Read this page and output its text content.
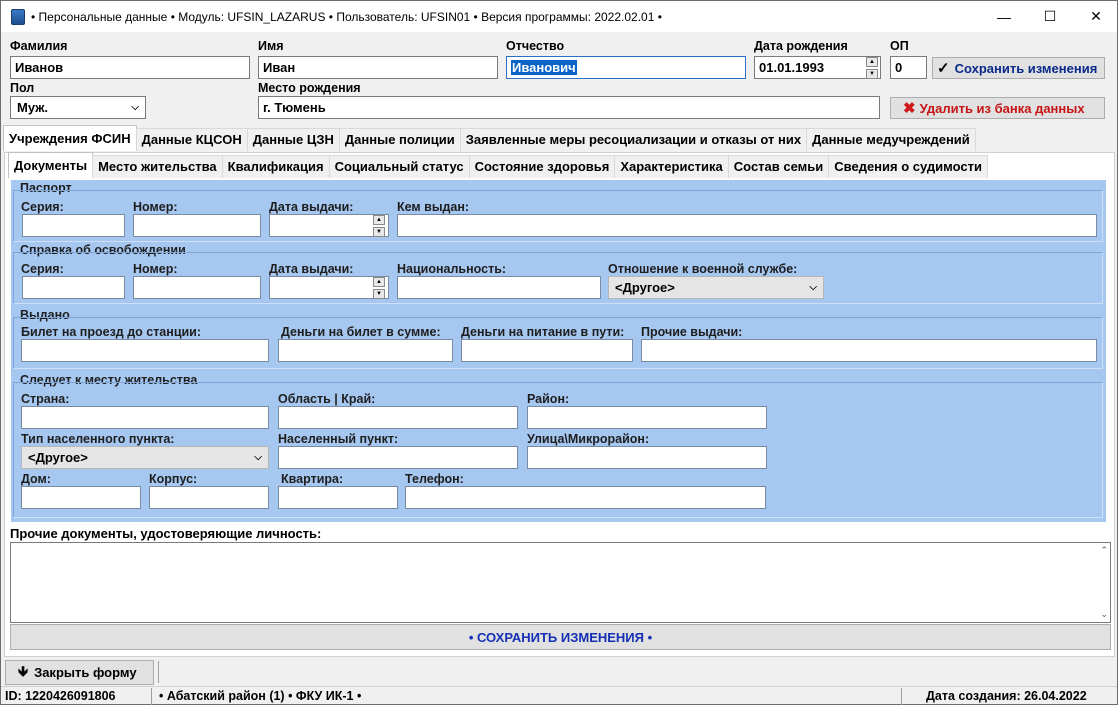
• Персональные данные • Модуль: UFSIN_LAZARUS • Пользователь: UFSIN01 • Версия программы: 2022.02.01 •	—	☐	✕
Фамилия
Иванов
Имя
Иван
Отчество
Иванович
Дата рождения
01.01.1993	▲
▼
ОП
0	✓ Сохранить изменения
Пол
Муж.	⌵
Место рождения
г. Тюмень	✖ Удалить из банка данных
Учреждения ФСИН Данные КЦСОН Данные ЦЗН Данные полиции Заявленные меры ресоциализации и отказы от них Данные медучреждений
Документы Место жительства Квалификация Социальный статус Состояние здоровья Характеристика Состав семьи Сведения о судимости
Паспорт
Серия:	Номер:	Дата выдачи:
▲
▼
Кем выдан:
Справка об освобождении
Серия:	Номер:	Дата выдачи:
▲
▼
Национальность:	Отношение к военной службе:
<Другое>	⌵
Выдано
Билет на проезд до станции:	Деньги на билет в сумме: Деньги на питание в пути: Прочие выдачи:
Следует к месту жительства
Страна:	Область | Край:	Район:
Тип населенного пункта:
<Другое>	⌵
Населенный пункт:	Улица\Микрорайон:
Дом:	Корпус:	Квартира:	Телефон:
Прочие документы, удостоверяющие личность:
⌃
⌄
• СОХРАНИТЬ ИЗМЕНЕНИЯ •
🡻 Закрыть форму
ID: 1220426091806	• Абатский район (1) • ФКУ ИК-1 •	Дата создания: 26.04.2022
